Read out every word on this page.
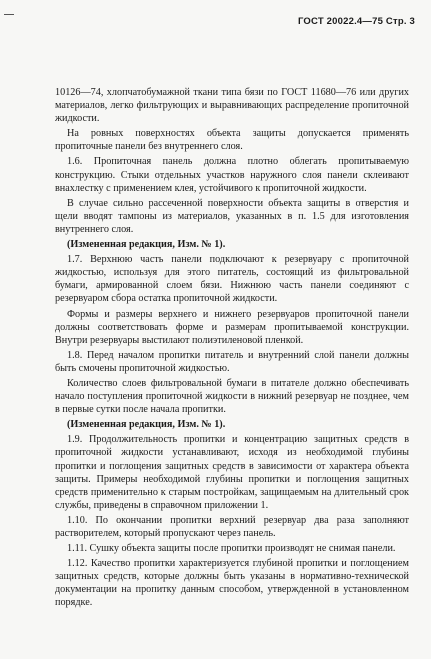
ГОСТ 20022.4—75 Стр. 3

10126—74, хлопчатобумажной ткани типа бязи по ГОСТ 11680—76 или других материалов, легко фильтрующих и выравнивающих распределение пропиточной жидкости.

На ровных поверхностях объекта защиты допускается применять пропиточные панели без внутреннего слоя.

1.6. Пропиточная панель должна плотно облегать пропитываемую конструкцию. Стыки отдельных участков наружного слоя панели склеивают внахлестку с применением клея, устойчивого к пропиточной жидкости.

В случае сильно рассеченной поверхности объекта защиты в отверстия и щели вводят тампоны из материалов, указанных в п. 1.5 для изготовления внутреннего слоя.

(Измененная редакция, Изм. № 1).

1.7. Верхнюю часть панели подключают к резервуару с пропиточной жидкостью, используя для этого питатель, состоящий из фильтровальной бумаги, армированной слоем бязи. Нижнюю часть панели соединяют с резервуаром сбора остатка пропиточной жидкости.

Формы и размеры верхнего и нижнего резервуаров пропиточной панели должны соответствовать форме и размерам пропитываемой конструкции. Внутри резервуары выстилают полиэтиленовой пленкой.

1.8. Перед началом пропитки питатель и внутренний слой панели должны быть смочены пропиточной жидкостью.

Количество слоев фильтровальной бумаги в питателе должно обеспечивать начало поступления пропиточной жидкости в нижний резервуар не позднее, чем в первые сутки после начала пропитки.

(Измененная редакция, Изм. № 1).

1.9. Продолжительность пропитки и концентрацию защитных средств в пропиточной жидкости устанавливают, исходя из необходимой глубины пропитки и поглощения защитных средств в зависимости от характера объекта защиты. Примеры необходимой глубины пропитки и поглощения защитных средств применительно к старым постройкам, защищаемым на длительный срок службы, приведены в справочном приложении 1.

1.10. По окончании пропитки верхний резервуар два раза заполняют растворителем, который пропускают через панель.

1.11. Сушку объекта защиты после пропитки производят не снимая панели.

1.12. Качество пропитки характеризуется глубиной пропитки и поглощением защитных средств, которые должны быть указаны в нормативно-технической документации на пропитку данным способом, утвержденной в установленном порядке.
